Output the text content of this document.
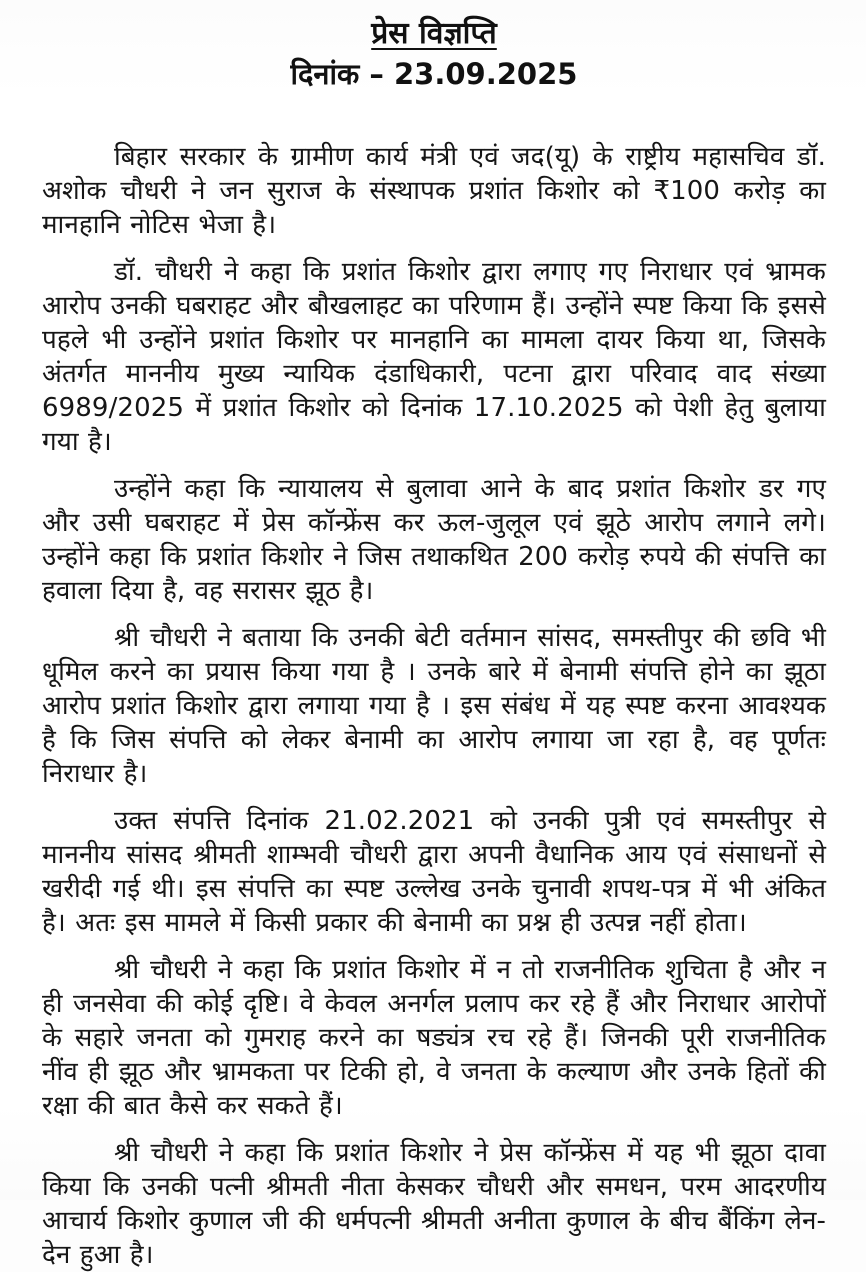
प्रेस विज्ञप्ति
दिनांक – 23.09.2025

बिहार सरकार के ग्रामीण कार्य मंत्री एवं जद(यू) के राष्ट्रीय महासचिव डॉ. अशोक चौधरी ने जन सुराज के संस्थापक प्रशांत किशोर को ₹100 करोड़ का मानहानि नोटिस भेजा है।

डॉ. चौधरी ने कहा कि प्रशांत किशोर द्वारा लगाए गए निराधार एवं भ्रामक आरोप उनकी घबराहट और बौखलाहट का परिणाम हैं। उन्होंने स्पष्ट किया कि इससे पहले भी उन्होंने प्रशांत किशोर पर मानहानि का मामला दायर किया था, जिसके अंतर्गत माननीय मुख्य न्यायिक दंडाधिकारी, पटना द्वारा परिवाद वाद संख्या 6989/2025 में प्रशांत किशोर को दिनांक 17.10.2025 को पेशी हेतु बुलाया गया है।

उन्होंने कहा कि न्यायालय से बुलावा आने के बाद प्रशांत किशोर डर गए और उसी घबराहट में प्रेस कॉन्फ्रेंस कर ऊल-जुलूल एवं झूठे आरोप लगाने लगे। उन्होंने कहा कि प्रशांत किशोर ने जिस तथाकथित 200 करोड़ रुपये की संपत्ति का हवाला दिया है, वह सरासर झूठ है।

श्री चौधरी ने बताया कि उनकी बेटी वर्तमान सांसद, समस्तीपुर की छवि भी धूमिल करने का प्रयास किया गया है । उनके बारे में बेनामी संपत्ति होने का झूठा आरोप प्रशांत किशोर द्वारा लगाया गया है । इस संबंध में यह स्पष्ट करना आवश्यक है कि जिस संपत्ति को लेकर बेनामी का आरोप लगाया जा रहा है, वह पूर्णतः निराधार है।

उक्त संपत्ति दिनांक 21.02.2021 को उनकी पुत्री एवं समस्तीपुर से माननीय सांसद श्रीमती शाम्भवी चौधरी द्वारा अपनी वैधानिक आय एवं संसाधनों से खरीदी गई थी। इस संपत्ति का स्पष्ट उल्लेख उनके चुनावी शपथ-पत्र में भी अंकित है। अतः इस मामले में किसी प्रकार की बेनामी का प्रश्न ही उत्पन्न नहीं होता।

श्री चौधरी ने कहा कि प्रशांत किशोर में न तो राजनीतिक शुचिता है और न ही जनसेवा की कोई दृष्टि। वे केवल अनर्गल प्रलाप कर रहे हैं और निराधार आरोपों के सहारे जनता को गुमराह करने का षड्यंत्र रच रहे हैं। जिनकी पूरी राजनीतिक नींव ही झूठ और भ्रामकता पर टिकी हो, वे जनता के कल्याण और उनके हितों की रक्षा की बात कैसे कर सकते हैं।

श्री चौधरी ने कहा कि प्रशांत किशोर ने प्रेस कॉन्फ्रेंस में यह भी झूठा दावा किया कि उनकी पत्नी श्रीमती नीता केसकर चौधरी और समधन, परम आदरणीय आचार्य किशोर कुणाल जी की धर्मपत्नी श्रीमती अनीता कुणाल के बीच बैंकिंग लेन-देन हुआ है।
